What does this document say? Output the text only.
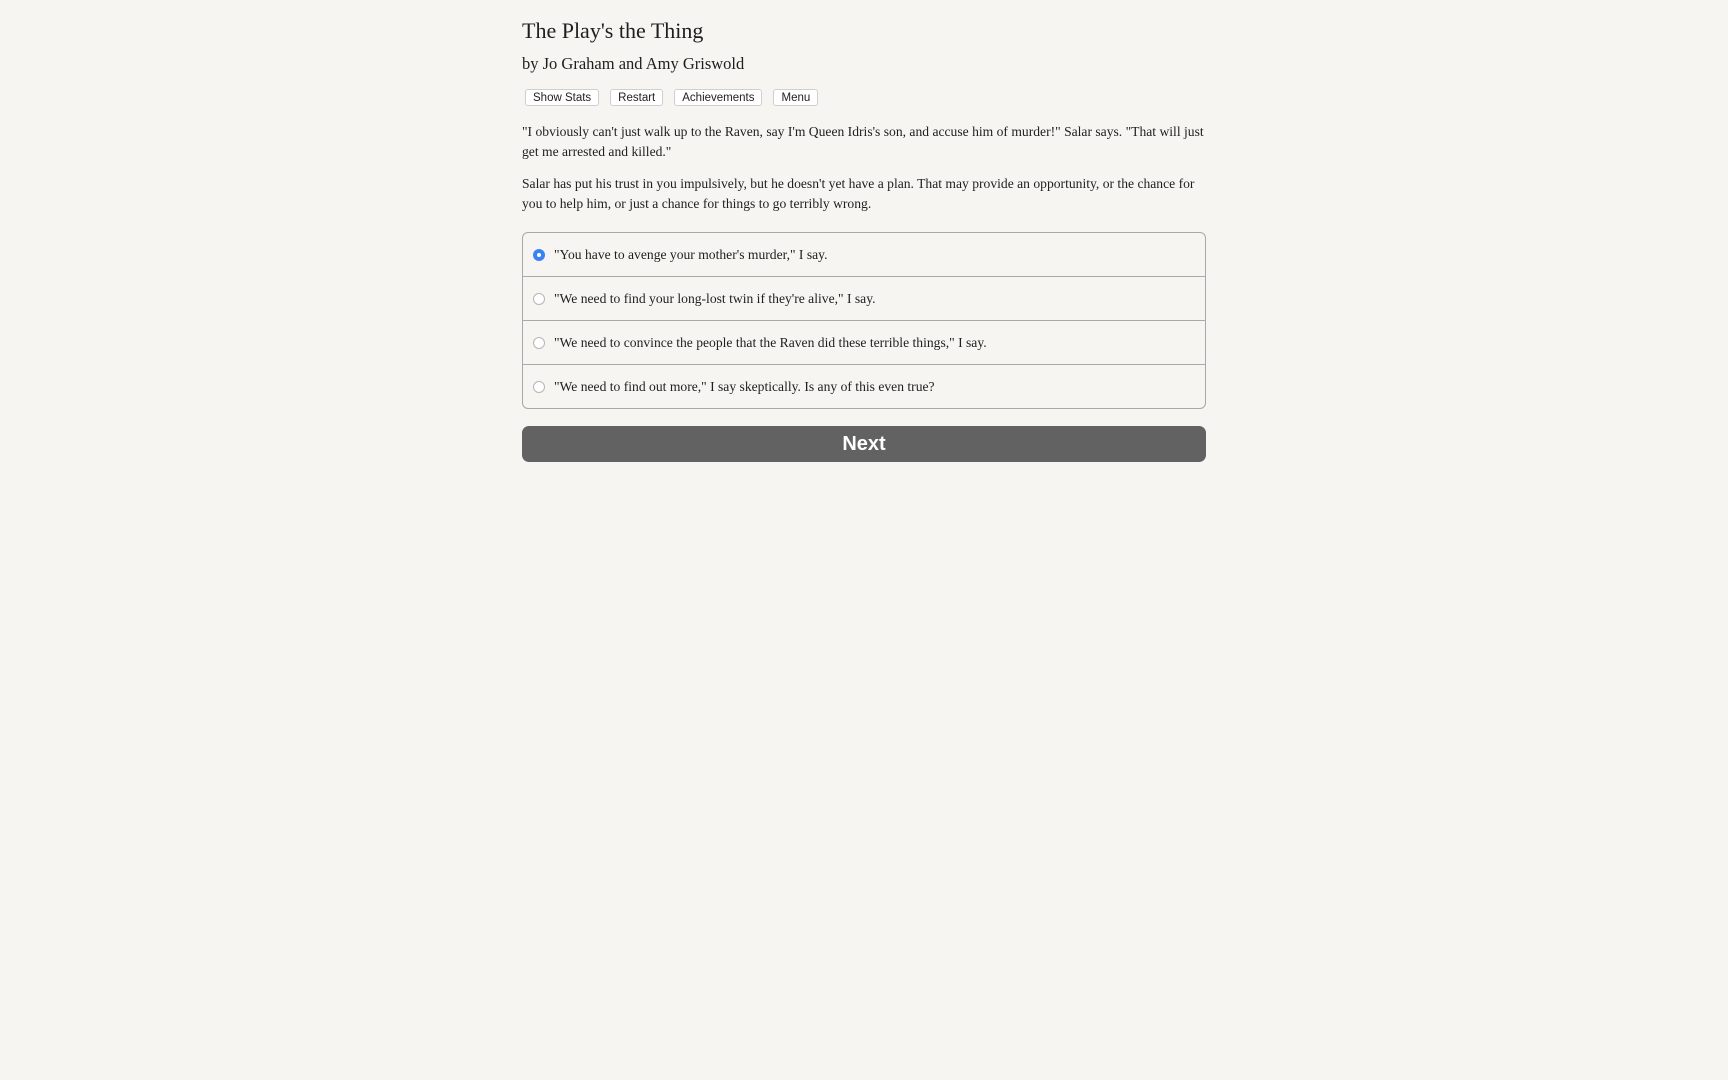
The Play's the Thing
by Jo Graham and Amy Griswold
Show Stats	Restart	Achievements	Menu

"I obviously can't just walk up to the Raven, say I'm Queen Idris's son, and accuse him of murder!" Salar says. "That will just get me arrested and killed."

Salar has put his trust in you impulsively, but he doesn't yet have a plan. That may provide an opportunity, or the chance for you to help him, or just a chance for things to go terribly wrong.

"You have to avenge your mother's murder," I say.
"We need to find your long-lost twin if they're alive," I say.
"We need to convince the people that the Raven did these terrible things," I say.
"We need to find out more," I say skeptically. Is any of this even true?
Next
